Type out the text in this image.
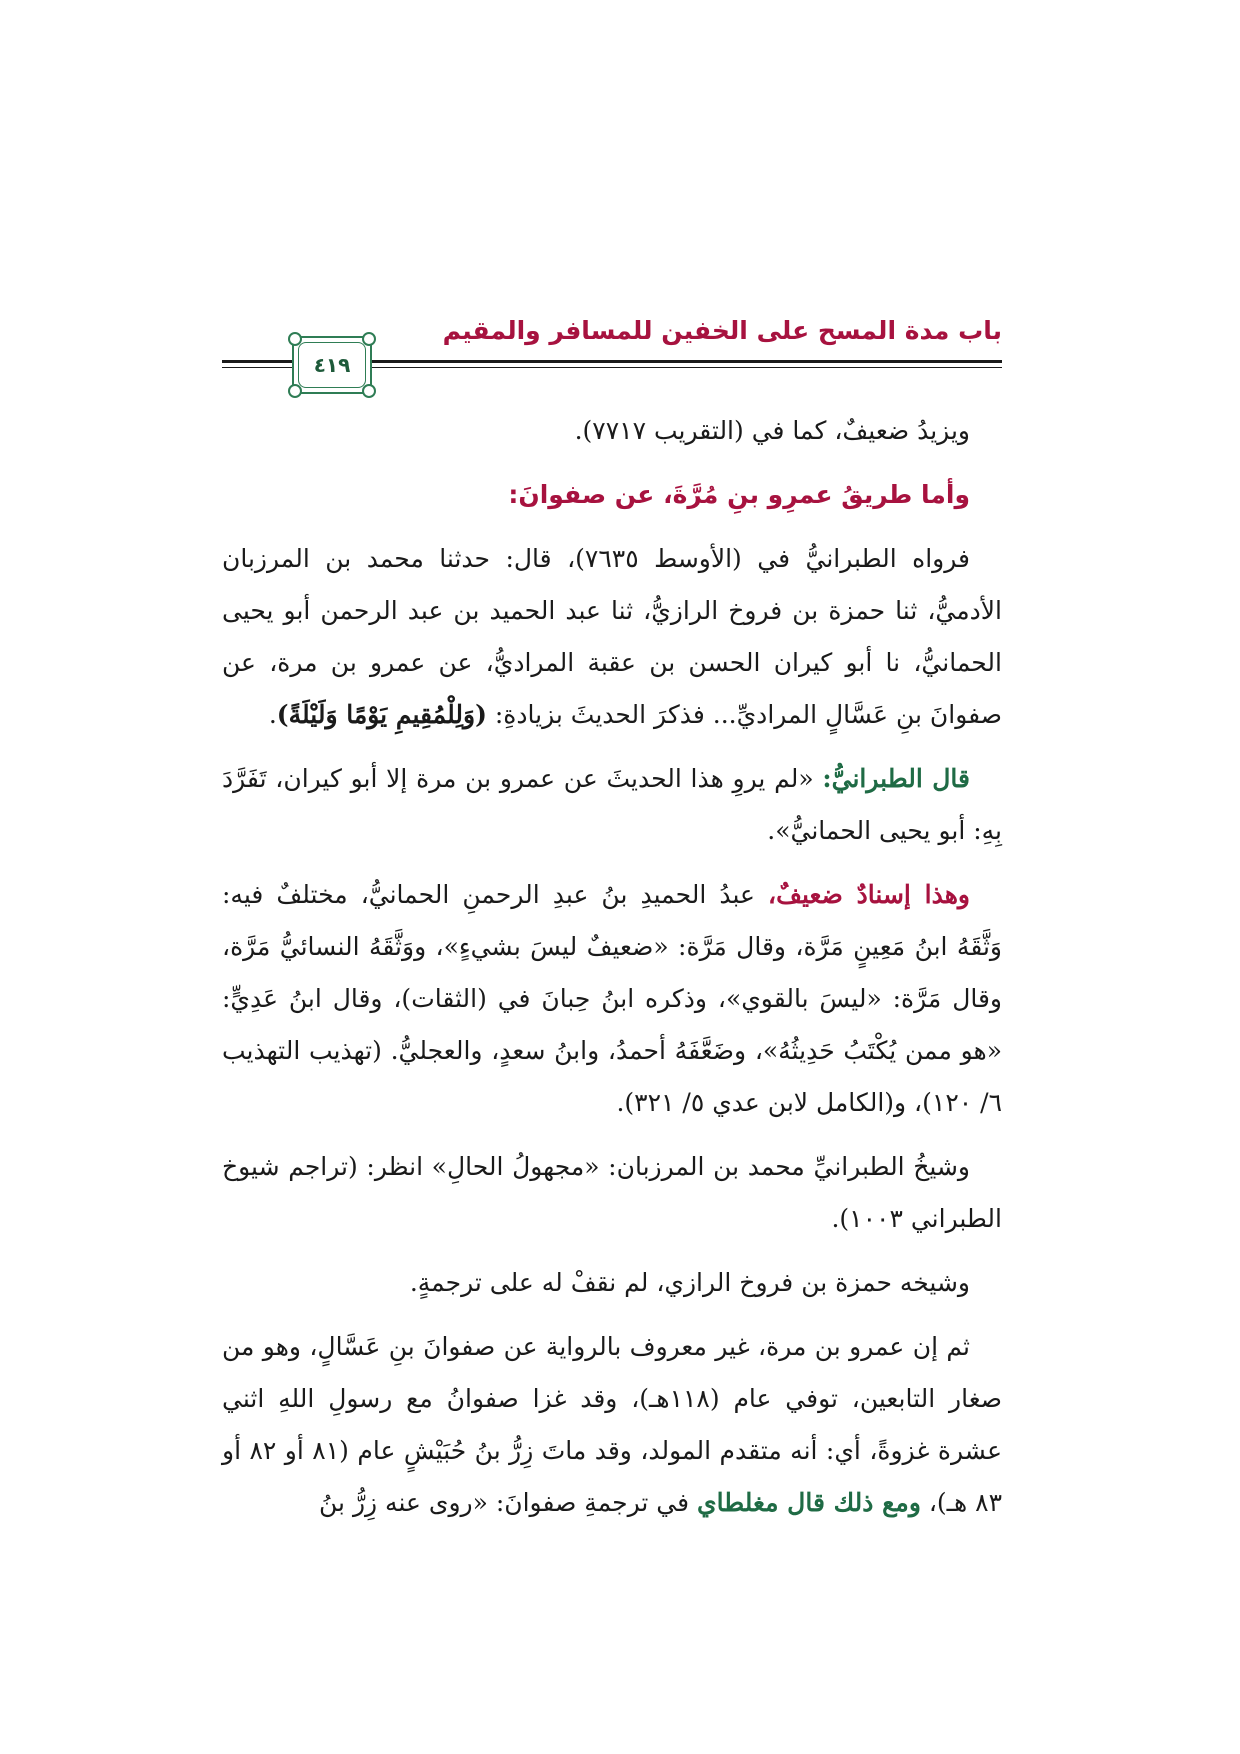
باب مدة المسح على الخفين للمسافر والمقيم
٤١٩

ويزيدُ ضعيفٌ، كما في (التقريب ٧٧١٧).

وأما طريقُ عمرِو بنِ مُرَّةَ، عن صفوانَ:

فرواه الطبرانيُّ في (الأوسط ٧٦٣٥)، قال: حدثنا محمد بن المرزبان الأدميُّ، ثنا حمزة بن فروخ الرازيُّ، ثنا عبد الحميد بن عبد الرحمن أبو يحيى الحمانيُّ، نا أبو كيران الحسن بن عقبة المراديُّ، عن عمرو بن مرة، عن صفوانَ بنِ عَسَّالٍ المراديِّ... فذكرَ الحديثَ بزيادةِ: (وَلِلْمُقِيمِ يَوْمًا وَلَيْلَةً).

قال الطبرانيُّ: «لم يروِ هذا الحديثَ عن عمرو بن مرة إلا أبو كيران، تَفَرَّدَ بِهِ: أبو يحيى الحمانيُّ».

وهذا إسنادٌ ضعيفٌ، عبدُ الحميدِ بنُ عبدِ الرحمنِ الحمانيُّ، مختلفٌ فيه: وَثَّقَهُ ابنُ مَعِينٍ مَرَّة، وقال مَرَّة: «ضعيفٌ ليسَ بشيءٍ»، ووَثَّقَهُ النسائيُّ مَرَّة، وقال مَرَّة: «ليسَ بالقوي»، وذكره ابنُ حِبانَ في (الثقات)، وقال ابنُ عَدِيٍّ: «هو ممن يُكْتَبُ حَدِيثُهُ»، وضَعَّفَهُ أحمدُ، وابنُ سعدٍ، والعجليُّ. (تهذيب التهذيب ٦/ ١٢٠)، و(الكامل لابن عدي ٥/ ٣٢١).

وشيخُ الطبرانيِّ محمد بن المرزبان: «مجهولُ الحالِ» انظر: (تراجم شيوخ الطبراني ١٠٠٣).

وشيخه حمزة بن فروخ الرازي، لم نقفْ له على ترجمةٍ.

ثم إن عمرو بن مرة، غير معروف بالرواية عن صفوانَ بنِ عَسَّالٍ، وهو من صغار التابعين، توفي عام (١١٨هـ)، وقد غزا صفوانُ مع رسولِ اللهِ اثني عشرة غزوةً، أي: أنه متقدم المولد، وقد ماتَ زِرُّ بنُ حُبَيْشٍ عام (٨١ أو ٨٢ أو ٨٣ هـ)، ومع ذلك قال مغلطاي في ترجمةِ صفوانَ: «روى عنه زِرُّ بنُ
